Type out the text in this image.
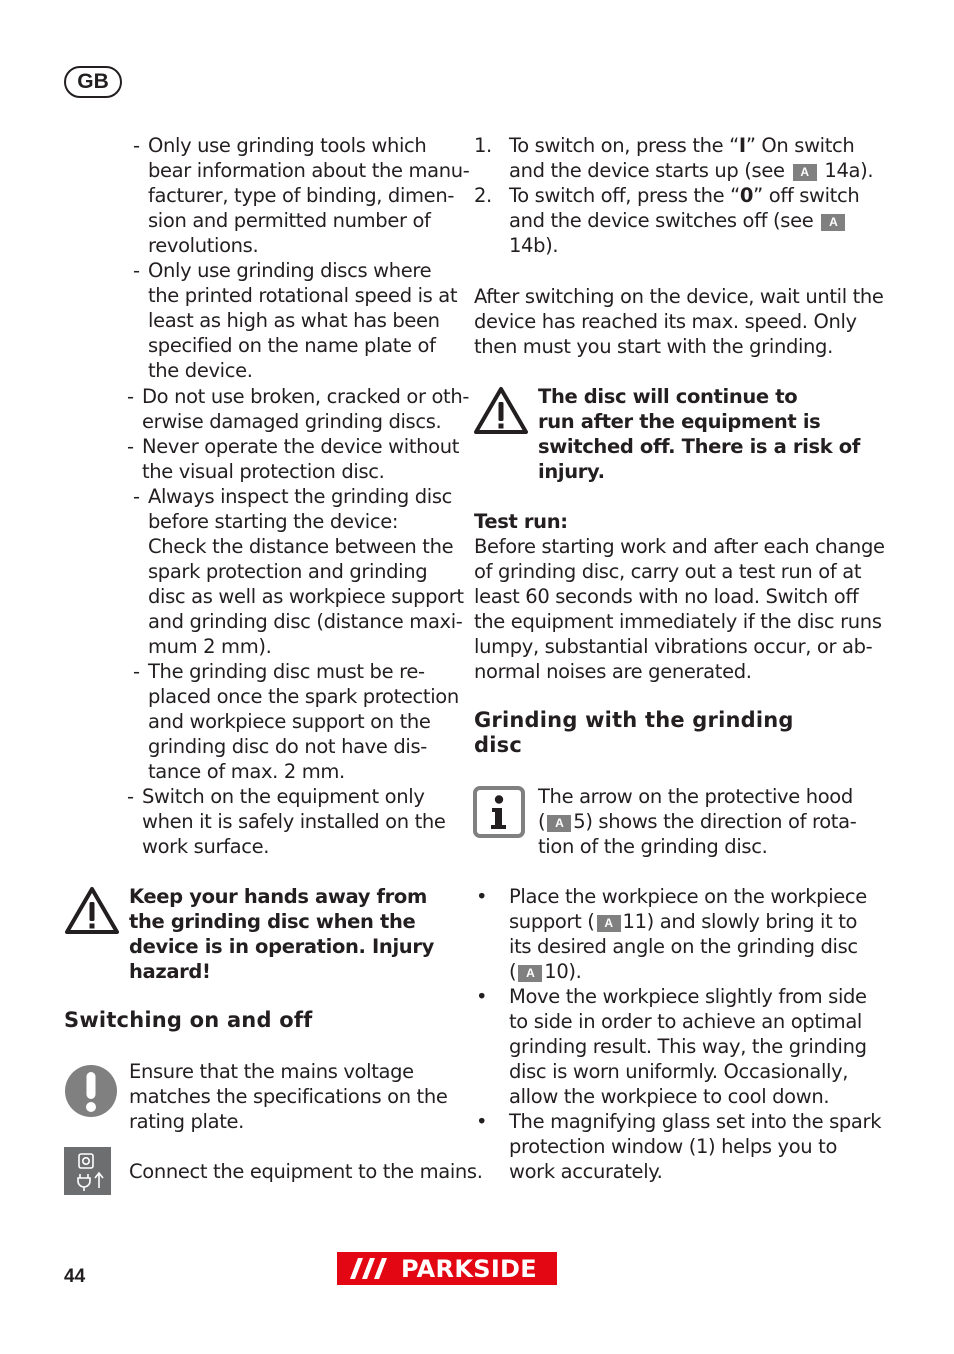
GB
- Only use grinding tools which
bear information about the manu-
facturer, type of binding, dimen-
sion and permitted number of
revolutions.
- Only use grinding discs where
the printed rotational speed is at
least as high as what has been
specified on the name plate of
the device.
- Do not use broken, cracked or oth-
erwise damaged grinding discs.
- Never operate the device without
the visual protection disc.
- Always inspect the grinding disc
before starting the device:
Check the distance between the
spark protection and grinding
disc as well as workpiece support
and grinding disc (distance maxi-
mum 2 mm).
- The grinding disc must be re-
placed once the spark protection
and workpiece support on the
grinding disc do not have dis-
tance of max. 2 mm.
- Switch on the equipment only
when it is safely installed on the
work surface.
Keep your hands away from
the grinding disc when the
device is in operation. Injury
hazard!
Switching on and off
Ensure that the mains voltage
matches the specifications on the
rating plate.
Connect the equipment to the mains.
1. To switch on, press the “I” On switch
and the device starts up (see A 14a).
2. To switch off, press the “0” off switch
and the device switches off (see A
14b).
After switching on the device, wait until the
device has reached its max. speed. Only
then must you start with the grinding.
The disc will continue to
run after the equipment is
switched off. There is a risk of
injury.
Test run:
Before starting work and after each change
of grinding disc, carry out a test run of at
least 60 seconds with no load. Switch off
the equipment immediately if the disc runs
lumpy, substantial vibrations occur, or ab-
normal noises are generated.
Grinding with the grinding
disc
The arrow on the protective hood
( A 5) shows the direction of rota-
tion of the grinding disc.
• Place the workpiece on the workpiece
support ( A 11) and slowly bring it to
its desired angle on the grinding disc
( A 10).
• Move the workpiece slightly from side
to side in order to achieve an optimal
grinding result. This way, the grinding
disc is worn uniformly. Occasionally,
allow the workpiece to cool down.
• The magnifying glass set into the spark
protection window (1) helps you to
work accurately.
44	PARKSIDE
